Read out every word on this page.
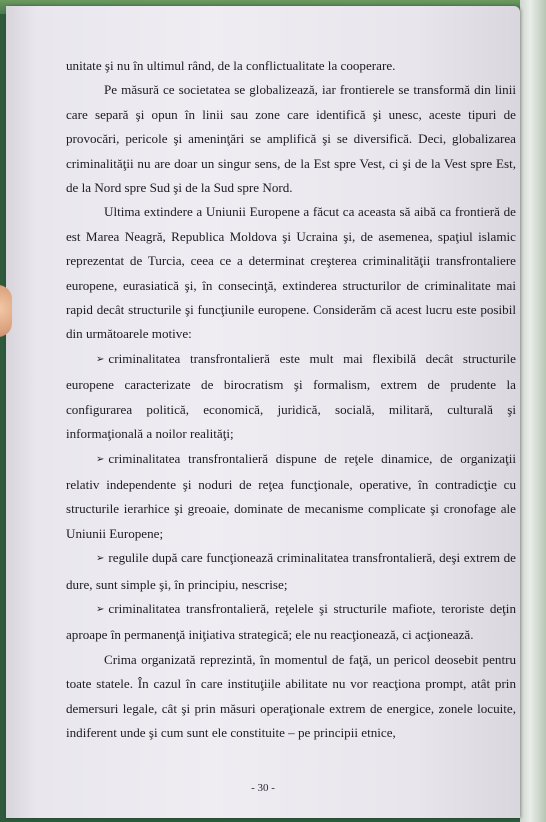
unitate şi nu în ultimul rând, de la conflictualitate la cooperare.

Pe măsură ce societatea se globalizează, iar frontierele se transformă din linii care separă şi opun în linii sau zone care identifică şi unesc, aceste tipuri de provocări, pericole şi ameninţări se amplifică şi se diversifică. Deci, globalizarea criminalităţii nu are doar un singur sens, de la Est spre Vest, ci şi de la Vest spre Est, de la Nord spre Sud şi de la Sud spre Nord.

Ultima extindere a Uniunii Europene a făcut ca aceasta să aibă ca frontieră de est Marea Neagră, Republica Moldova şi Ucraina şi, de asemenea, spaţiul islamic reprezentat de Turcia, ceea ce a determinat creşterea criminalităţii transfrontaliere europene, eurasiatică şi, în consecinţă, extinderea structurilor de criminalitate mai rapid decât structurile şi funcţiunile europene. Considerăm că acest lucru este posibil din următoarele motive:

➢ criminalitatea transfrontalieră este mult mai flexibilă decât structurile europene caracterizate de birocratism şi formalism, extrem de prudente la configurarea politică, economică, juridică, socială, militară, culturală şi informaţională a noilor realităţi;

➢ criminalitatea transfrontalieră dispune de reţele dinamice, de organizaţii relativ independente şi noduri de reţea funcţionale, operative, în contradicţie cu structurile ierarhice şi greoaie, dominate de mecanisme complicate şi cronofage ale Uniunii Europene;

➢ regulile după care funcţionează criminalitatea transfrontalieră, deşi extrem de dure, sunt simple şi, în principiu, nescrise;

➢ criminalitatea transfrontalieră, reţelele şi structurile mafiote, teroriste deţin aproape în permanenţă iniţiativa strategică; ele nu reacţionează, ci acţionează.

Crima organizată reprezintă, în momentul de faţă, un pericol deosebit pentru toate statele. În cazul în care instituţiile abilitate nu vor reacţiona prompt, atât prin demersuri legale, cât şi prin măsuri operaţionale extrem de energice, zonele locuite, indiferent unde şi cum sunt ele constituite – pe principii etnice,

- 30 -
